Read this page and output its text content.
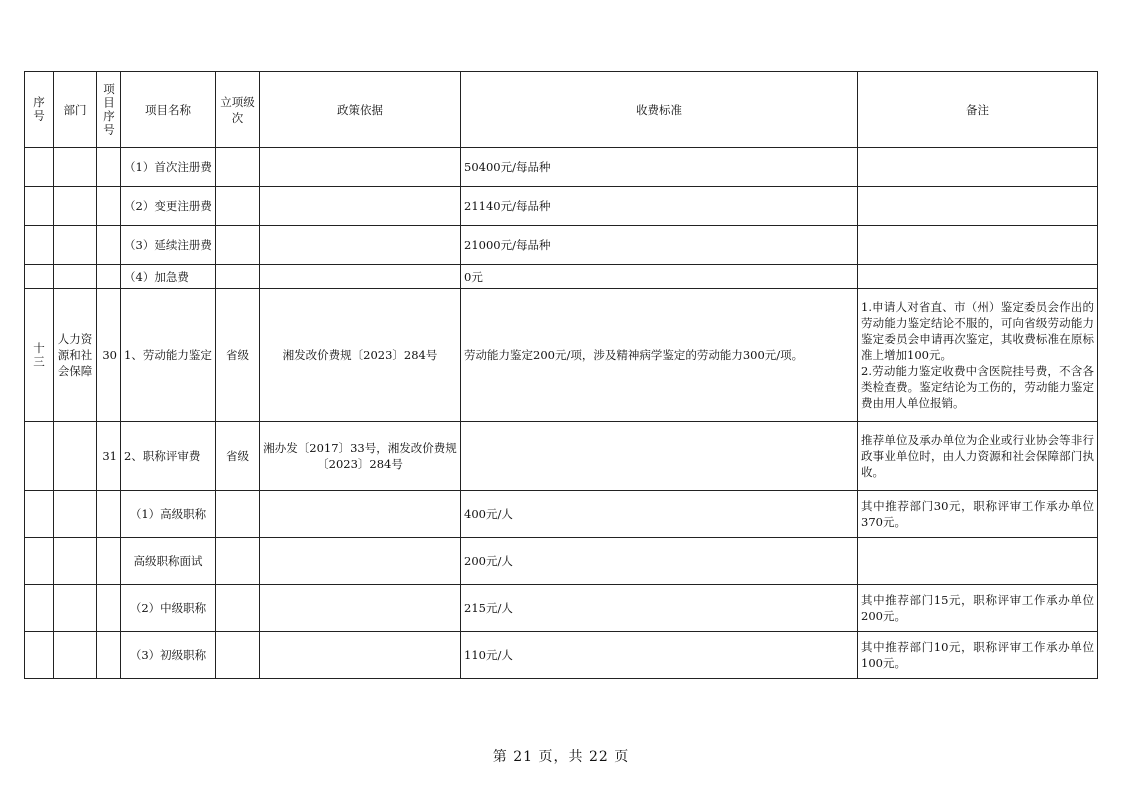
序号	部门	项目序号	项目名称	立项级次	政策依据	收费标准	备注
			（1）首次注册费			50400元/每品种	
			（2）变更注册费			21140元/每品种	
			（3）延续注册费			21000元/每品种	
			（4）加急费			0元	

十三	人力资源和社会保障	30	1、劳动能力鉴定	省级	湘发改价费规〔2023〕284号	劳动能力鉴定200元/项，涉及精神病学鉴定的劳动能力300元/项。	1.申请人对省直、市（州）鉴定委员会作出的劳动能力鉴定结论不服的，可向省级劳动能力鉴定委员会申请再次鉴定，其收费标准在原标准上增加100元。
2.劳动能力鉴定收费中含医院挂号费，不含各类检查费。鉴定结论为工伤的，劳动能力鉴定费由用人单位报销。
		31	2、职称评审费	省级	湘办发〔2017〕33号，湘发改价费规〔2023〕284号		推荐单位及承办单位为企业或行业协会等非行政事业单位时，由人力资源和社会保障部门执收。
			（1）高级职称			400元/人	其中推荐部门30元，职称评审工作承办单位370元。
			高级职称面试			200元/人	
			（2）中级职称			215元/人	其中推荐部门15元，职称评审工作承办单位200元。
			（3）初级职称			110元/人	其中推荐部门10元，职称评审工作承办单位100元。
第 21 页，共 22 页
